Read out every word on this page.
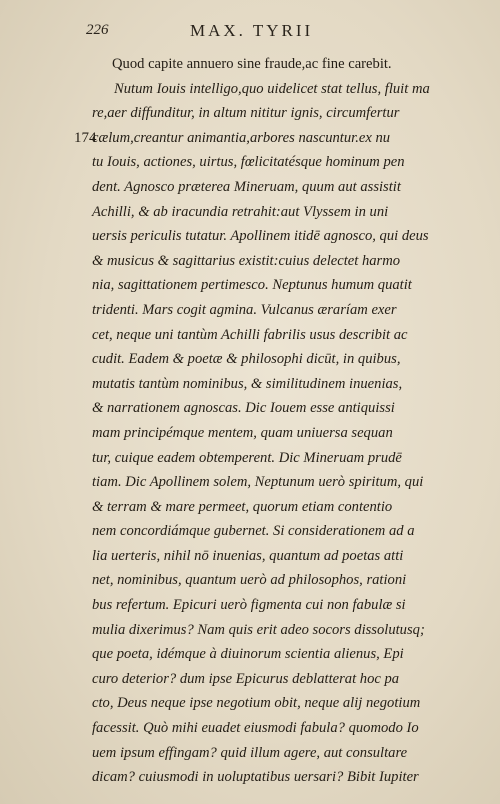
226	MAX. TYRII
Quod capite annuero sine fraude,ac fine carebit.
Nutum Iouis intelligo,quo uidelicet stat tellus, fluit ma
re,aer diffunditur, in altum nititur ignis, circumfertur
174
cælum,creantur animantia,arbores nascuntur.ex nu
tu Iouis, actiones, uirtus, fœlicitatésque hominum pen
dent. Agnosco præterea Mineruam, quum aut assistit
Achilli, & ab iracundia retrahit:aut Vlyssem in uni
uersis periculis tutatur. Apollinem itidē agnosco, qui deus
& musicus & sagittarius existit:cuius delectet harmo
nia, sagittationem pertimesco. Neptunus humum quatit
tridenti. Mars cogit agmina. Vulcanus æraríam exer
cet, neque uni tantùm Achilli fabrilis usus describit ac
cudit. Eadem & poetæ & philosophi dicūt, in quibus,
mutatis tantùm nominibus, & similitudinem inuenias,
& narrationem agnoscas. Dic Iouem esse antiquissi
mam principémque mentem, quam uniuersa sequan
tur, cuique eadem obtemperent. Dic Mineruam prudē
tiam. Dic Apollinem solem, Neptunum uerò spiritum, qui
& terram & mare permeet, quorum etiam contentio
nem concordiámque gubernet. Si considerationem ad a
lia uerteris, nihil nō inuenias, quantum ad poetas atti
net, nominibus, quantum uerò ad philosophos, rationi
bus refertum. Epicuri uerò figmenta cui non fabulæ si
mulia dixerimus? Nam quis erit adeo socors dissolutusq;
que poeta, idémque à diuinorum scientia alienus, Epi
curo deterior? dum ipse Epicurus deblatterat hoc pa
cto, Deus neque ipse negotium obit, neque alij negotium
facessit. Quò mihi euadet eiusmodi fabula? quomodo Io
uem ipsum effingam? quid illum agere, aut consultare
dicam? cuiusmodi in uoluptatibus uersari? Bibit Iupiter
